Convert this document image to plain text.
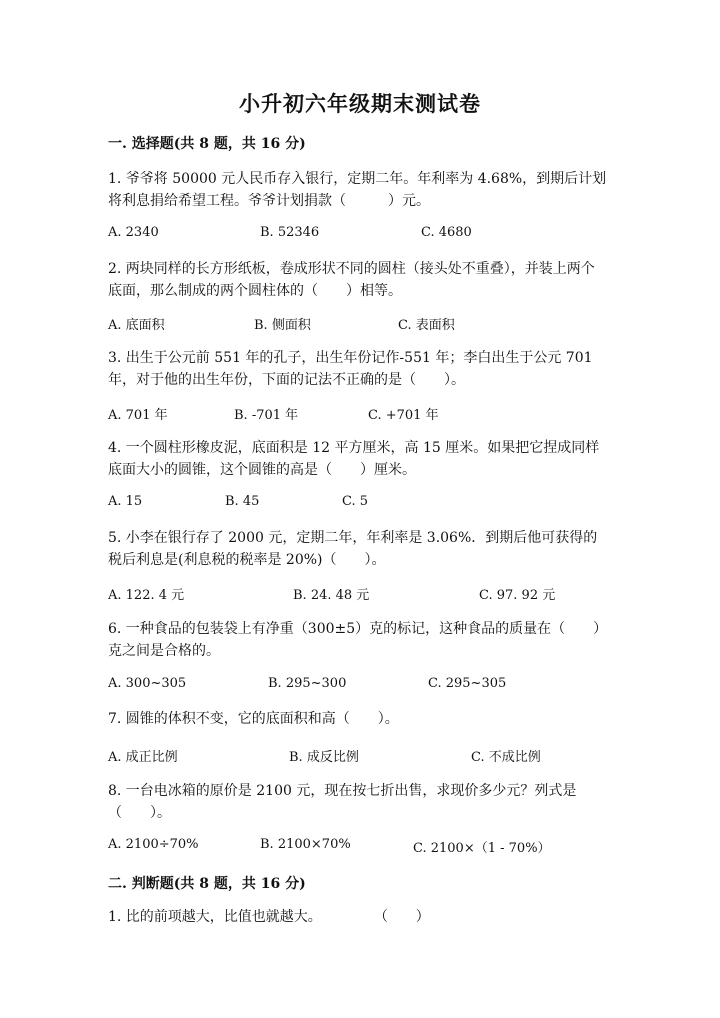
小升初六年级期末测试卷
一. 选择题(共 8 题，共 16 分)
1. 爷爷将 50000 元人民币存入银行，定期二年。年利率为 4.68%，到期后计划将利息捐给希望工程。爷爷计划捐款（　　　）元。
A. 2340	B. 52346	C. 4680
2. 两块同样的长方形纸板，卷成形状不同的圆柱（接头处不重叠），并装上两个底面，那么制成的两个圆柱体的（　　）相等。
A. 底面积	B. 侧面积	C. 表面积
3. 出生于公元前 551 年的孔子，出生年份记作-551 年；李白出生于公元 701 年，对于他的出生年份，下面的记法不正确的是（　　）。
A. 701 年	B. -701 年	C. +701 年
4. 一个圆柱形橡皮泥，底面积是 12 平方厘米，高 15 厘米。如果把它捏成同样底面大小的圆锥，这个圆锥的高是（　　）厘米。
A. 15	B. 45	C. 5
5. 小李在银行存了 2000 元，定期二年，年利率是 3.06%．到期后他可获得的税后利息是(利息税的税率是 20%)（　　）。
A. 122. 4 元	B. 24. 48 元	C. 97. 92 元
6. 一种食品的包装袋上有净重（300±5）克的标记，这种食品的质量在（　　）克之间是合格的。
A. 300~305	B. 295~300	C. 295~305
7. 圆锥的体积不变，它的底面积和高（　　）。
A. 成正比例	B. 成反比例	C. 不成比例
8. 一台电冰箱的原价是 2100 元，现在按七折出售，求现价多少元？列式是（　　）。
A. 2100÷70%	B. 2100×70%	C. 2100×（1 - 70%）
二. 判断题(共 8 题，共 16 分)
1. 比的前项越大，比值也就越大。	（　　）
